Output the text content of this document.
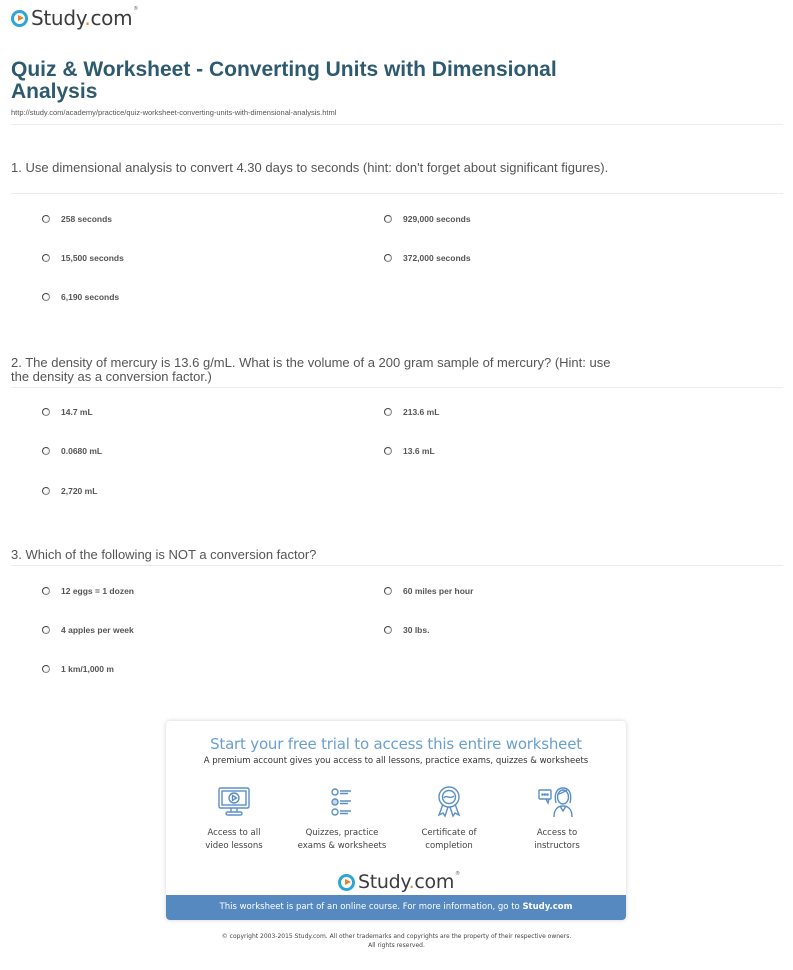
Study.com®
Quiz & Worksheet - Converting Units with Dimensional Analysis
http://study.com/academy/practice/quiz-worksheet-converting-units-with-dimensional-analysis.html
1. Use dimensional analysis to convert 4.30 days to seconds (hint: don't forget about significant figures).
258 seconds	929,000 seconds
15,500 seconds	372,000 seconds
6,190 seconds
2. The density of mercury is 13.6 g/mL. What is the volume of a 200 gram sample of mercury? (Hint: use the density as a conversion factor.)
14.7 mL	213.6 mL
0.0680 mL	13.6 mL
2,720 mL
3. Which of the following is NOT a conversion factor?
12 eggs = 1 dozen	60 miles per hour
4 apples per week	30 lbs.
1 km/1,000 m
Start your free trial to access this entire worksheet
A premium account gives you access to all lessons, practice exams, quizzes & worksheets
Access to all
video lessons
Quizzes, practice
exams & worksheets
Certificate of
completion
Access to
instructors
Study.com®
This worksheet is part of an online course. For more information, go to Study.com
© copyright 2003-2015 Study.com. All other trademarks and copyrights are the property of their respective owners.
All rights reserved.
